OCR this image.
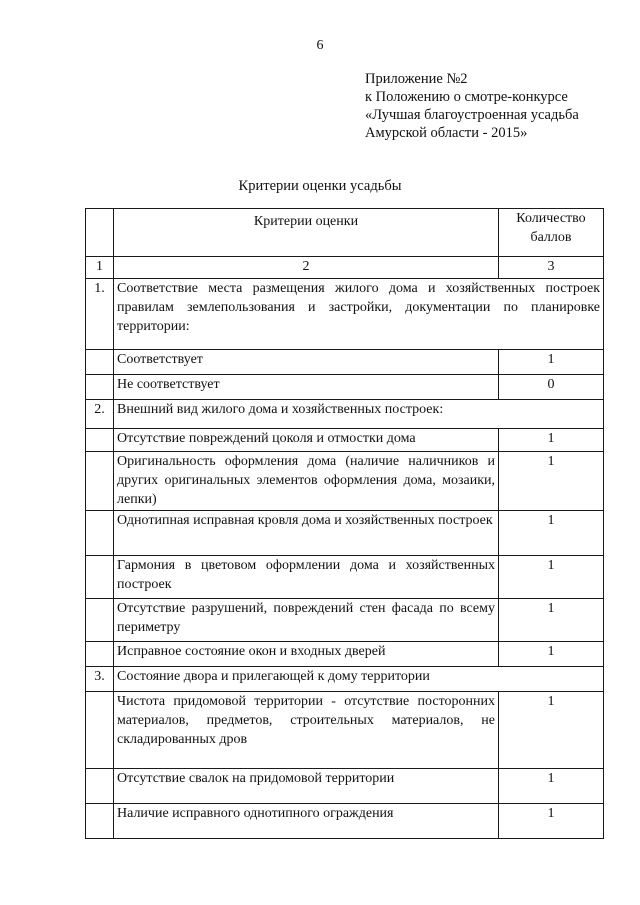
6
Приложение №2
к Положению о смотре-конкурсе
«Лучшая благоустроенная усадьба
Амурской области - 2015»
Критерии оценки усадьбы
	Критерии оценки	Количество баллов
1	2	3
1.	Соответствие места размещения жилого дома и хозяйственных построек правилам землепользования и застройки, документации по планировке территории:	
	Соответствует	1
	Не соответствует	0
2.	Внешний вид жилого дома и хозяйственных построек:	
	Отсутствие повреждений цоколя и отмостки дома	1
	Оригинальность оформления дома (наличие наличников и других оригинальных элементов оформления дома, мозаики, лепки)	1
	Однотипная исправная кровля дома и хозяйственных построек	1
	Гармония в цветовом оформлении дома и хозяйственных построек	1
	Отсутствие разрушений, повреждений стен фасада по всему периметру	1
	Исправное состояние окон и входных дверей	1
3.	Состояние двора и прилегающей к дому территории	
	Чистота придомовой территории - отсутствие посторонних материалов, предметов, строительных материалов, не складированных дров	1
	Отсутствие свалок на придомовой территории	1
	Наличие исправного однотипного ограждения	1
